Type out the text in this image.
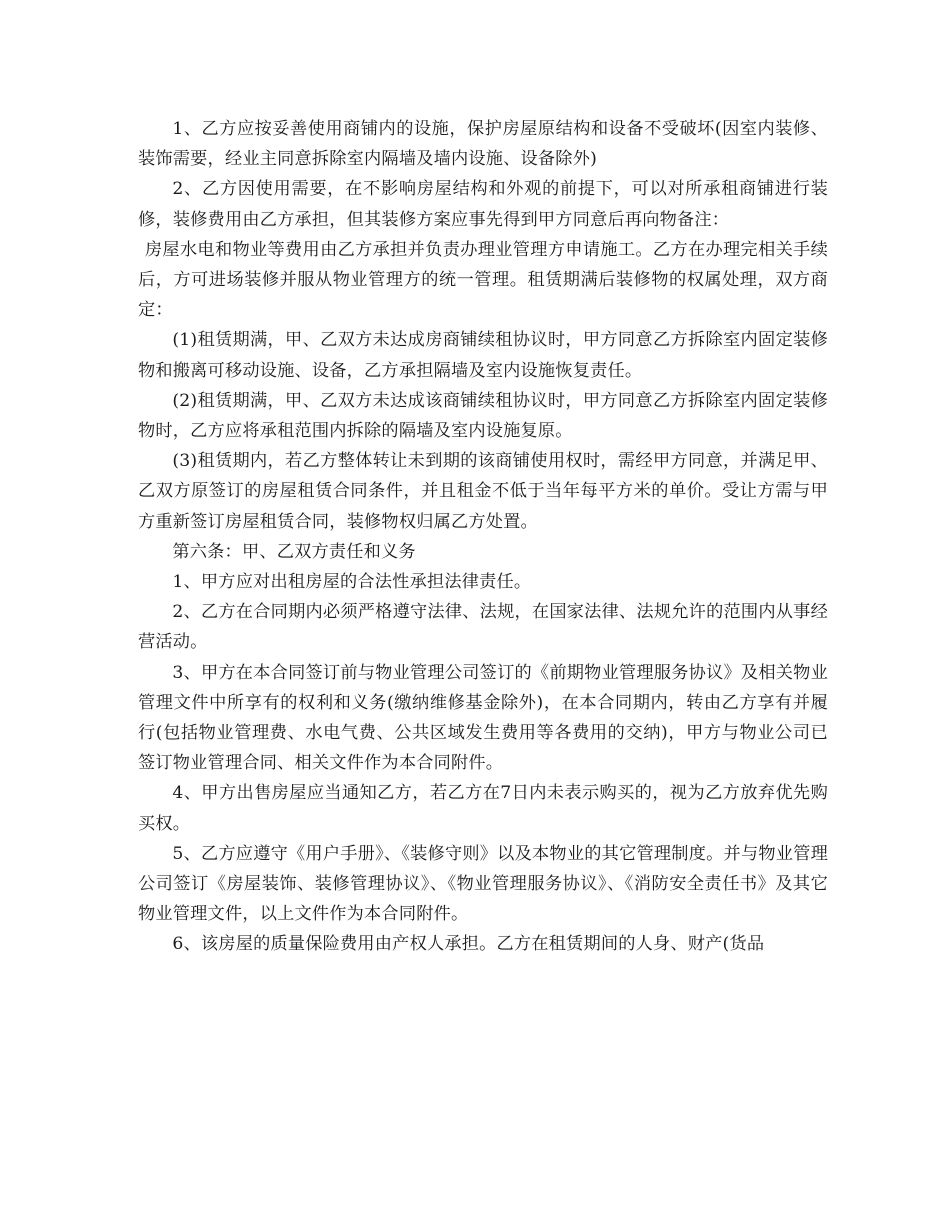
1、乙方应按妥善使用商铺内的设施，保护房屋原结构和设备不受破坏(因室内装修、装饰需要，经业主同意拆除室内隔墙及墙内设施、设备除外)

2、乙方因使用需要，在不影响房屋结构和外观的前提下，可以对所承租商铺进行装修，装修费用由乙方承担，但其装修方案应事先得到甲方同意后再向物备注：

房屋水电和物业等费用由乙方承担并负责办理业管理方申请施工。乙方在办理完相关手续后，方可进场装修并服从物业管理方的统一管理。租赁期满后装修物的权属处理，双方商定：

(1)租赁期满，甲、乙双方未达成房商铺续租协议时，甲方同意乙方拆除室内固定装修物和搬离可移动设施、设备，乙方承担隔墙及室内设施恢复责任。

(2)租赁期满，甲、乙双方未达成该商铺续租协议时，甲方同意乙方拆除室内固定装修物时，乙方应将承租范围内拆除的隔墙及室内设施复原。

(3)租赁期内，若乙方整体转让未到期的该商铺使用权时，需经甲方同意，并满足甲、乙双方原签订的房屋租赁合同条件，并且租金不低于当年每平方米的单价。受让方需与甲方重新签订房屋租赁合同，装修物权归属乙方处置。

第六条：甲、乙双方责任和义务

1、甲方应对出租房屋的合法性承担法律责任。

2、乙方在合同期内必须严格遵守法律、法规，在国家法律、法规允许的范围内从事经营活动。

3、甲方在本合同签订前与物业管理公司签订的《前期物业管理服务协议》及相关物业管理文件中所享有的权利和义务(缴纳维修基金除外)，在本合同期内，转由乙方享有并履行(包括物业管理费、水电气费、公共区域发生费用等各费用的交纳)，甲方与物业公司已签订物业管理合同、相关文件作为本合同附件。

4、甲方出售房屋应当通知乙方，若乙方在7日内未表示购买的，视为乙方放弃优先购买权。

5、乙方应遵守《用户手册》、《装修守则》以及本物业的其它管理制度。并与物业管理公司签订《房屋装饰、装修管理协议》、《物业管理服务协议》、《消防安全责任书》及其它物业管理文件，以上文件作为本合同附件。

6、该房屋的质量保险费用由产权人承担。乙方在租赁期间的人身、财产(货品
